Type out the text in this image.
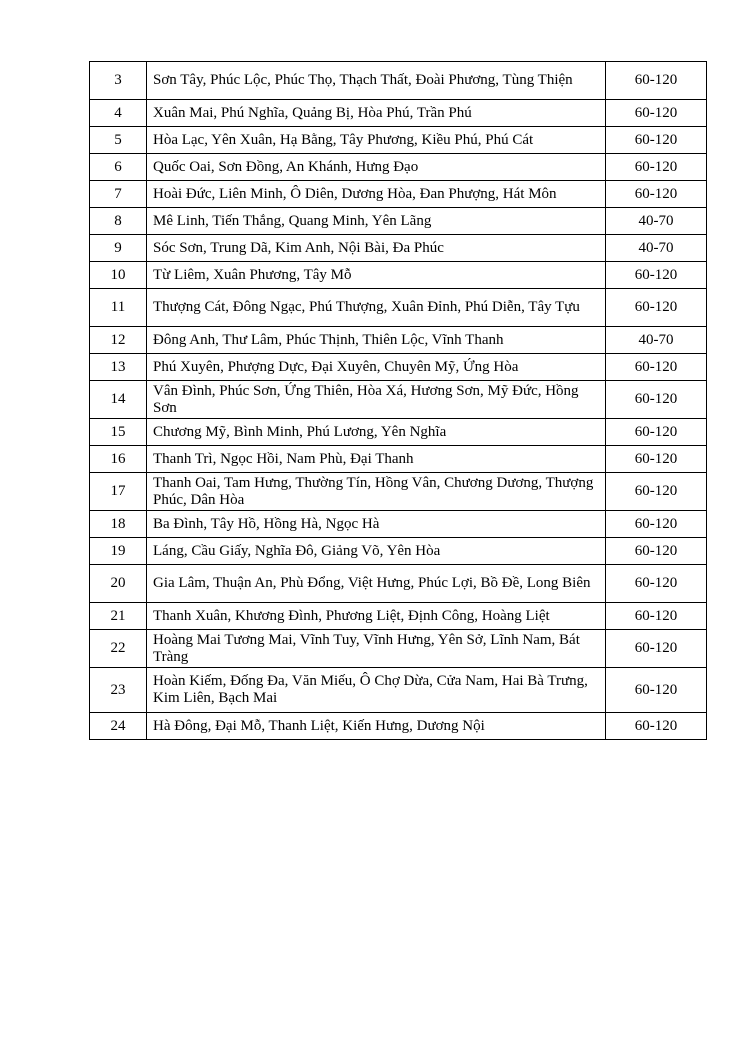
3	Sơn Tây, Phúc Lộc, Phúc Thọ, Thạch Thất, Đoài Phương, Tùng Thiện	60-120
4	Xuân Mai, Phú Nghĩa, Quảng Bị, Hòa Phú, Trần Phú	60-120
5	Hòa Lạc, Yên Xuân, Hạ Bằng, Tây Phương, Kiều Phú, Phú Cát	60-120
6	Quốc Oai, Sơn Đồng, An Khánh, Hưng Đạo	60-120
7	Hoài Đức, Liên Minh, Ô Diên, Dương Hòa, Đan Phượng, Hát Môn	60-120
8	Mê Linh, Tiến Thắng, Quang Minh, Yên Lãng	40-70
9	Sóc Sơn, Trung Dã, Kim Anh, Nội Bài, Đa Phúc	40-70
10	Từ Liêm, Xuân Phương, Tây Mỗ	60-120
11	Thượng Cát, Đông Ngạc, Phú Thượng, Xuân Đỉnh, Phú Diễn, Tây Tựu	60-120
12	Đông Anh, Thư Lâm, Phúc Thịnh, Thiên Lộc, Vĩnh Thanh	40-70
13	Phú Xuyên, Phượng Dực, Đại Xuyên, Chuyên Mỹ, Ứng Hòa	60-120
14	Vân Đình, Phúc Sơn, Ứng Thiên, Hòa Xá, Hương Sơn, Mỹ Đức, Hồng Sơn	60-120
15	Chương Mỹ, Bình Minh, Phú Lương, Yên Nghĩa	60-120
16	Thanh Trì, Ngọc Hồi, Nam Phù, Đại Thanh	60-120
17	Thanh Oai, Tam Hưng, Thường Tín, Hồng Vân, Chương Dương, Thượng Phúc, Dân Hòa	60-120
18	Ba Đình, Tây Hồ, Hồng Hà, Ngọc Hà	60-120
19	Láng, Cầu Giấy, Nghĩa Đô, Giảng Võ, Yên Hòa	60-120
20	Gia Lâm, Thuận An, Phù Đổng, Việt Hưng, Phúc Lợi, Bồ Đề, Long Biên	60-120
21	Thanh Xuân, Khương Đình, Phương Liệt, Định Công, Hoàng Liệt	60-120
22	Hoàng Mai Tương Mai, Vĩnh Tuy, Vĩnh Hưng, Yên Sở, Lĩnh Nam, Bát Tràng	60-120
23	Hoàn Kiếm, Đống Đa, Văn Miếu, Ô Chợ Dừa, Cửa Nam, Hai Bà Trưng, Kim Liên, Bạch Mai	60-120
24	Hà Đông, Đại Mỗ, Thanh Liệt, Kiến Hưng, Dương Nội	60-120
